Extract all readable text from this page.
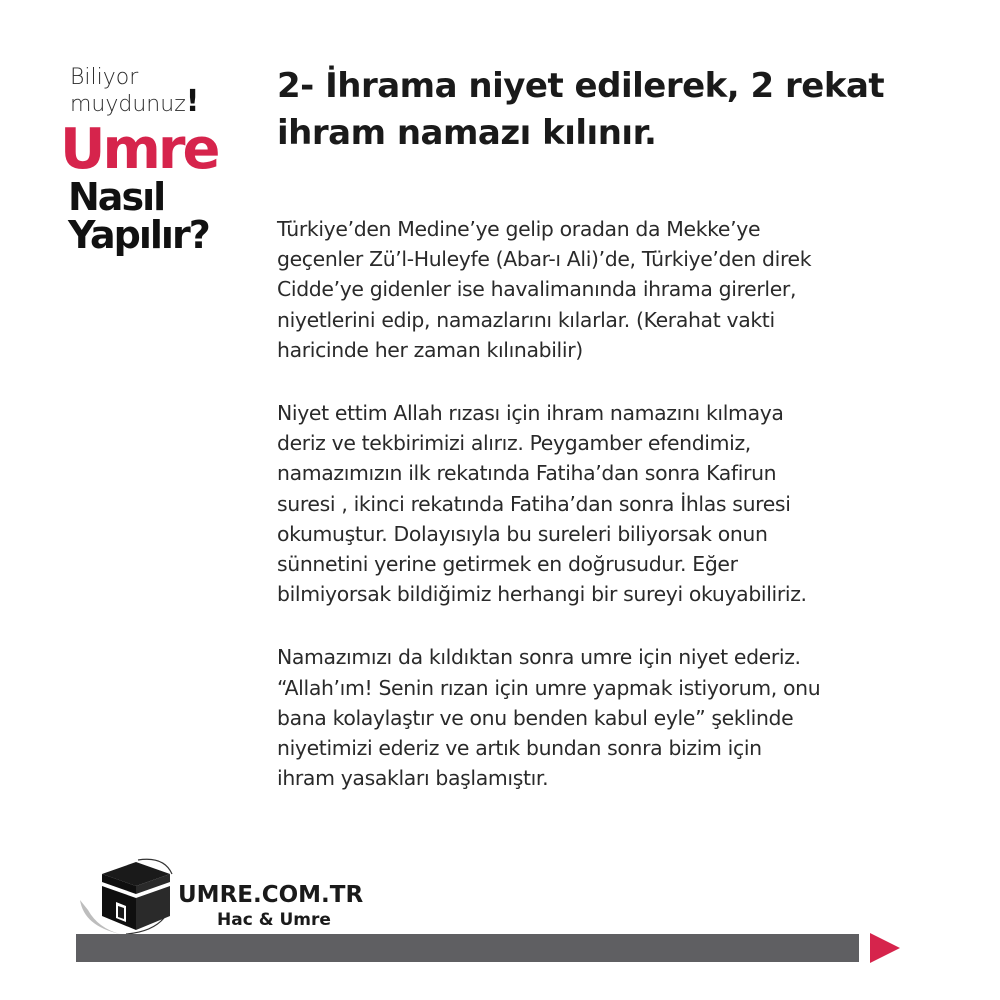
Biliyor
muydunuz!
Umre
Nasıl
Yapılır?
2- İhrama niyet edilerek, 2 rekat
ihram namazı kılınır.

Türkiye’den Medine’ye gelip oradan da Mekke’ye
geçenler Zü’l-Huleyfe (Abar-ı Ali)’de, Türkiye’den direk
Cidde’ye gidenler ise havalimanında ihrama girerler,
niyetlerini edip, namazlarını kılarlar. (Kerahat vakti
haricinde her zaman kılınabilir)

Niyet ettim Allah rızası için ihram namazını kılmaya
deriz ve tekbirimizi alırız. Peygamber efendimiz,
namazımızın ilk rekatında Fatiha’dan sonra Kafirun
suresi , ikinci rekatında Fatiha’dan sonra İhlas suresi
okumuştur. Dolayısıyla bu sureleri biliyorsak onun
sünnetini yerine getirmek en doğrusudur. Eğer
bilmiyorsak bildiğimiz herhangi bir sureyi okuyabiliriz.

Namazımızı da kıldıktan sonra umre için niyet ederiz.
“Allah’ım! Senin rızan için umre yapmak istiyorum, onu
bana kolaylaştır ve onu benden kabul eyle” şeklinde
niyetimizi ederiz ve artık bundan sonra bizim için
ihram yasakları başlamıştır.

UMRE.COM.TR
Hac & Umre
